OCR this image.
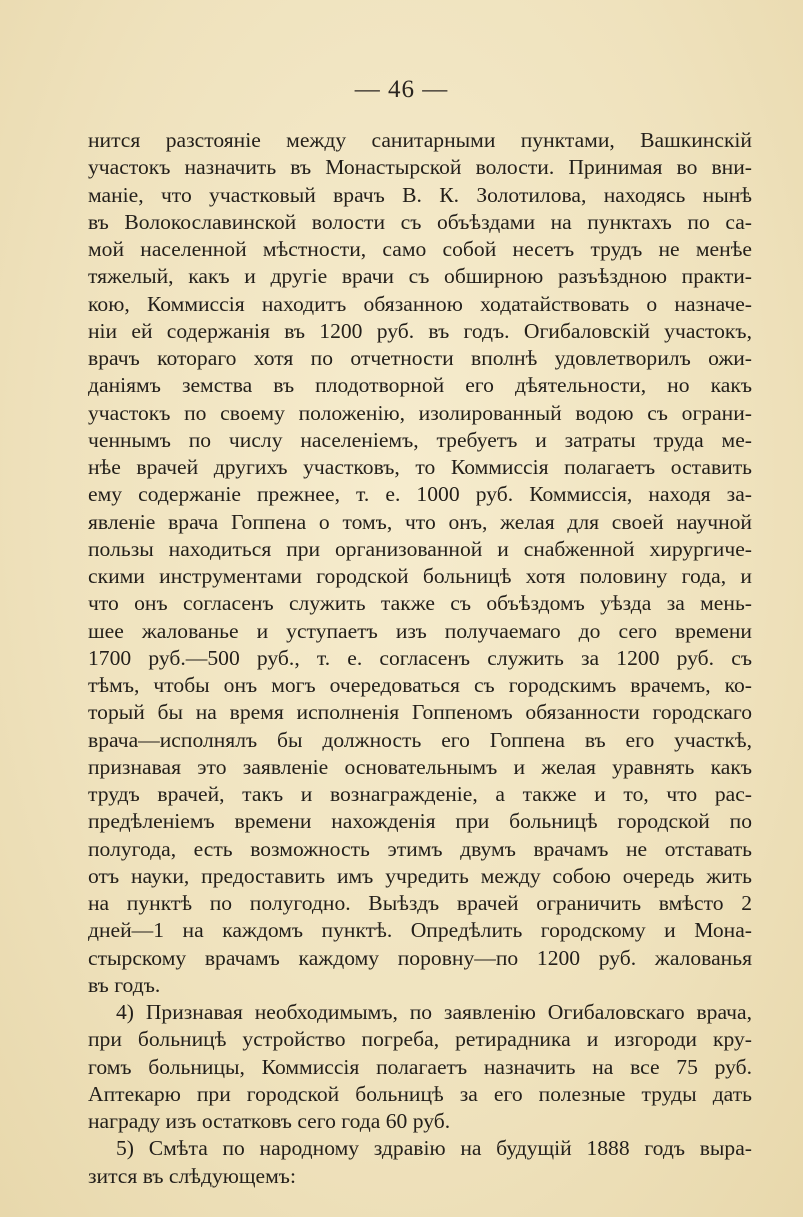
— 46 —
нится разстояніе между санитарными пунктами, Вашкинскій
участокъ назначить въ Монастырской волости. Принимая во вни-
маніе, что участковый врачъ В. К. Золотилова, находясь нынѣ
въ Волокославинской волости съ объѣздами на пунктахъ по са-
мой населенной мѣстности, само собой несетъ трудъ не менѣе
тяжелый, какъ и другіе врачи съ обширною разъѣздною практи-
кою, Коммиссія находитъ обязанною ходатайствовать о назначе-
ніи ей содержанія въ 1200 руб. въ годъ. Огибаловскій участокъ,
врачъ котораго хотя по отчетности вполнѣ удовлетворилъ ожи-
даніямъ земства въ плодотворной его дѣятельности, но какъ
участокъ по своему положенію, изолированный водою съ ограни-
ченнымъ по числу населеніемъ, требуетъ и затраты труда ме-
нѣе врачей другихъ участковъ, то Коммиссія полагаетъ оставить
ему содержаніе прежнее, т. е. 1000 руб. Коммиссія, находя за-
явленіе врача Гоппена о томъ, что онъ, желая для своей научной
пользы находиться при организованной и снабженной хирургиче-
скими инструментами городской больницѣ хотя половину года, и
что онъ согласенъ служить также съ объѣздомъ уѣзда за мень-
шее жалованье и уступаетъ изъ получаемаго до сего времени
1700 руб.—500 руб., т. е. согласенъ служить за 1200 руб. съ
тѣмъ, чтобы онъ могъ очередоваться съ городскимъ врачемъ, ко-
торый бы на время исполненія Гоппеномъ обязанности городскаго
врача—исполнялъ бы должность его Гоппена въ его участкѣ,
признавая это заявленіе основательнымъ и желая уравнять какъ
трудъ врачей, такъ и вознагражденіе, а также и то, что рас-
предѣленіемъ времени нахожденія при больницѣ городской по
полугода, есть возможность этимъ двумъ врачамъ не отставать
отъ науки, предоставить имъ учредить между собою очередь жить
на пунктѣ по полугодно. Выѣздъ врачей ограничить вмѣсто 2
дней—1 на каждомъ пунктѣ. Опредѣлить городскому и Мона-
стырскому врачамъ каждому поровну—по 1200 руб. жалованья
въ годъ.
4) Признавая необходимымъ, по заявленію Огибаловскаго врача,
при больницѣ устройство погреба, ретирадника и изгороди кру-
гомъ больницы, Коммиссія полагаетъ назначить на все 75 руб.
Аптекарю при городской больницѣ за его полезные труды дать
награду изъ остатковъ сего года 60 руб.
5) Смѣта по народному здравію на будущій 1888 годъ выра-
зится въ слѣдующемъ:
